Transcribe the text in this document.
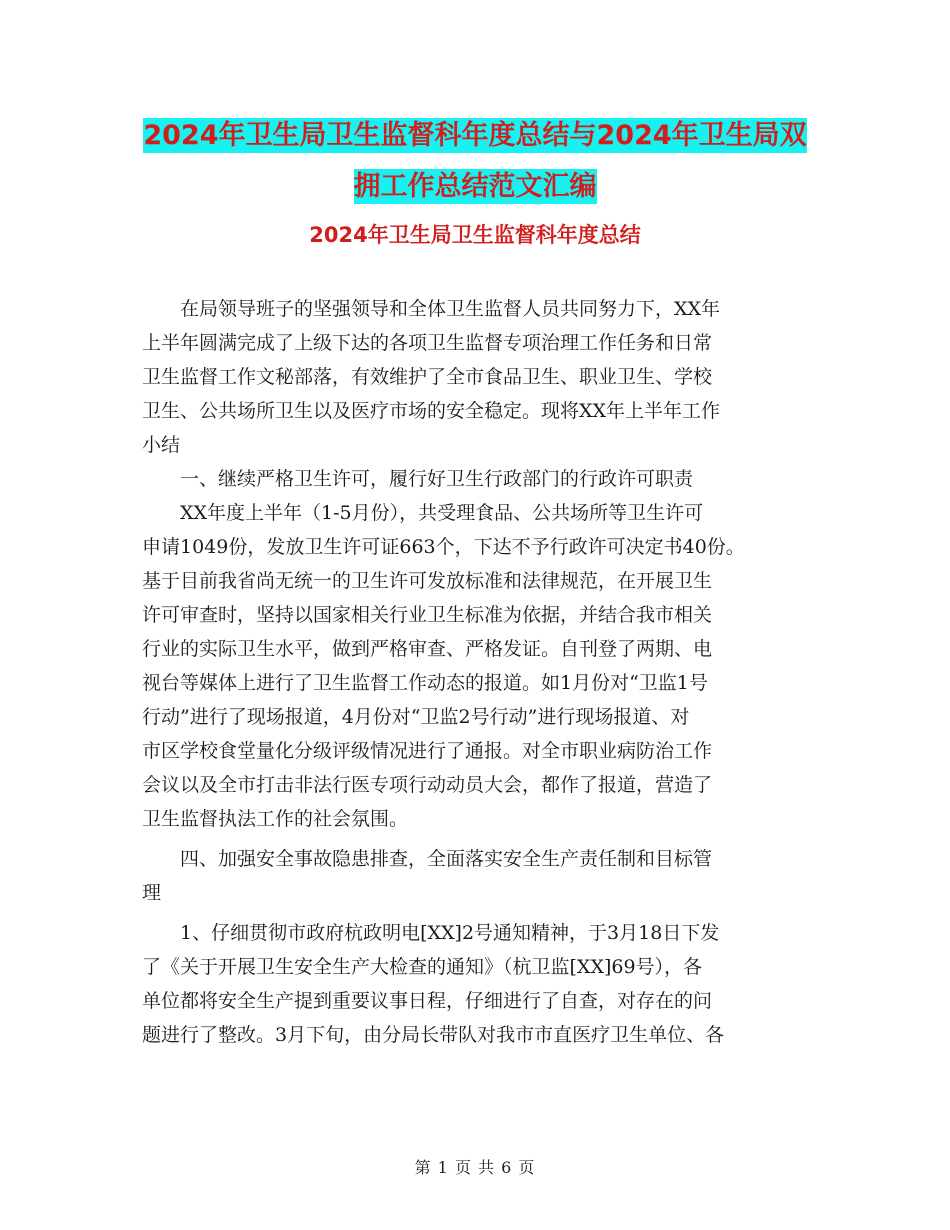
2024年卫生局卫生监督科年度总结与2024年卫生局双
拥工作总结范文汇编
2024年卫生局卫生监督科年度总结
　　在局领导班子的坚强领导和全体卫生监督人员共同努力下，XX年
上半年圆满完成了上级下达的各项卫生监督专项治理工作任务和日常
卫生监督工作文秘部落，有效维护了全市食品卫生、职业卫生、学校
卫生、公共场所卫生以及医疗市场的安全稳定。现将XX年上半年工作
小结
　　一、继续严格卫生许可，履行好卫生行政部门的行政许可职责
　　XX年度上半年（1-5月份），共受理食品、公共场所等卫生许可
申请1049份，发放卫生许可证663个，下达不予行政许可决定书40份。
基于目前我省尚无统一的卫生许可发放标准和法律规范，在开展卫生
许可审查时，坚持以国家相关行业卫生标准为依据，并结合我市相关
行业的实际卫生水平，做到严格审查、严格发证。自刊登了两期、电
视台等媒体上进行了卫生监督工作动态的报道。如1月份对“卫监1号
行动”进行了现场报道，4月份对“卫监2号行动”进行现场报道、对
市区学校食堂量化分级评级情况进行了通报。对全市职业病防治工作
会议以及全市打击非法行医专项行动动员大会，都作了报道，营造了
卫生监督执法工作的社会氛围。
　　四、加强安全事故隐患排查，全面落实安全生产责任制和目标管
理
　　1、仔细贯彻市政府杭政明电[XX]2号通知精神，于3月18日下发
了《关于开展卫生安全生产大检查的通知》（杭卫监[XX]69号），各
单位都将安全生产提到重要议事日程，仔细进行了自查，对存在的问
题进行了整改。3月下旬，由分局长带队对我市市直医疗卫生单位、各
第 1 页 共 6 页
